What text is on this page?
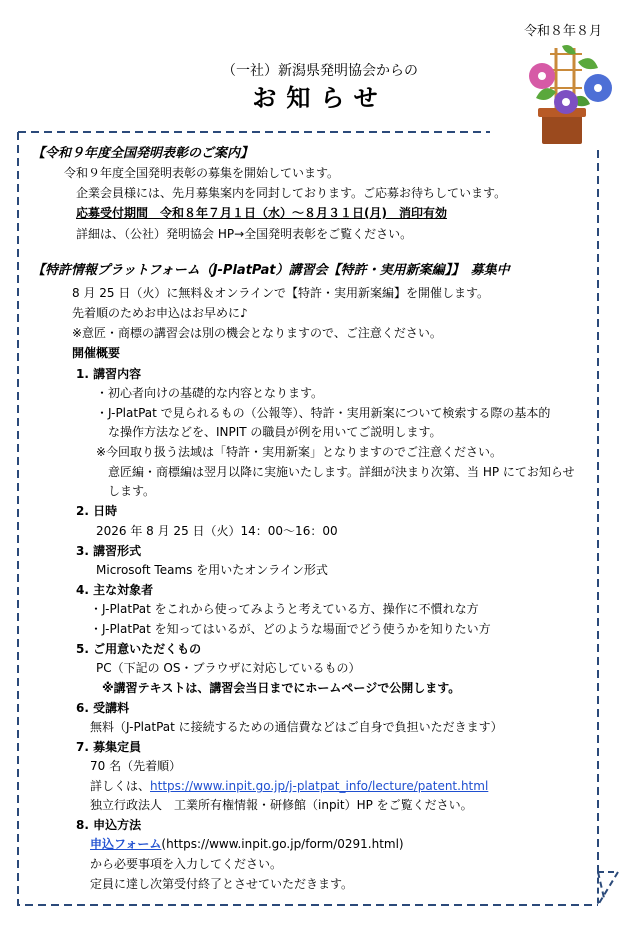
令和８年８月
（一社）新潟県発明協会からの
お知らせ
【令和９年度全国発明表彰のご案内】
令和９年度全国発明表彰の募集を開始しています。
企業会員様には、先月募集案内を同封しております。ご応募お待ちしています。
応募受付期間　令和８年７月１日（水）～８月３１日(月)　消印有効
詳細は、（公社）発明協会 HP→全国発明表彰をご覧ください。
【特許情報プラットフォーム（J-PlatPat）講習会【特許・実用新案編】】　募集中
8 月 25 日（火）に無料＆オンラインで【特許・実用新案編】を開催します。
先着順のためお申込はお早めに♪
※意匠・商標の講習会は別の機会となりますので、ご注意ください。
開催概要
1. 講習内容
・初心者向けの基礎的な内容となります。
・J-PlatPat で見られるもの（公報等）、特許・実用新案について検索する際の基本的
な操作方法などを、INPIT の職員が例を用いてご説明します。
※今回取り扱う法域は「特許・実用新案」となりますのでご注意ください。
意匠編・商標編は翌月以降に実施いたします。詳細が決まり次第、当 HP にてお知らせ
します。
2. 日時
2026 年 8 月 25 日（火）14：00～16：00
3. 講習形式
Microsoft Teams を用いたオンライン形式
4. 主な対象者
・J-PlatPat をこれから使ってみようと考えている方、操作に不慣れな方
・J-PlatPat を知ってはいるが、どのような場面でどう使うかを知りたい方
5. ご用意いただくもの
PC（下記の OS・ブラウザに対応しているもの）
※講習テキストは、講習会当日までにホームページで公開します。
6. 受講料
無料（J-PlatPat に接続するための通信費などはご自身で負担いただきます）
7. 募集定員
70 名（先着順）
詳しくは、https://www.inpit.go.jp/j-platpat_info/lecture/patent.html
独立行政法人　工業所有権情報・研修館（inpit）HP をご覧ください。
8. 申込方法
申込フォーム(https://www.inpit.go.jp/form/0291.html)
から必要事項を入力してください。
定員に達し次第受付終了とさせていただきます。
